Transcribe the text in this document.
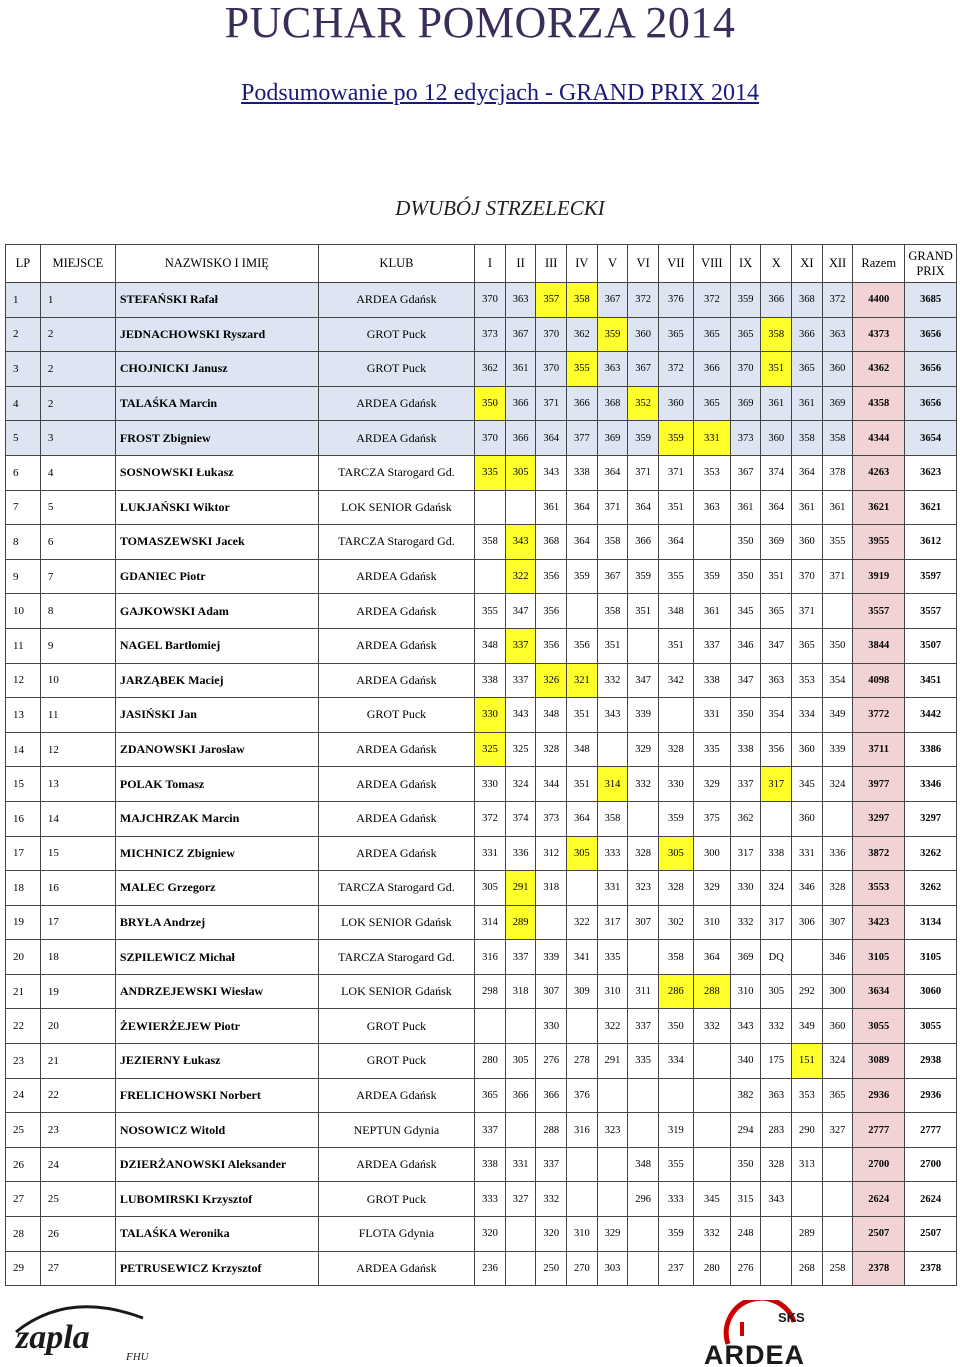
PUCHAR POMORZA 2014
Podsumowanie po 12 edycjach - GRAND PRIX 2014
DWUBÓJ STRZELECKI
LP	MIEJSCE	NAZWISKO I IMIĘ	KLUB	I	II	III	IV	V	VI	VII	VIII	IX	X	XI	XII	Razem	GRAND PRIX
1	1	STEFAŃSKI Rafał	ARDEA Gdańsk	370	363	357	358	367	372	376	372	359	366	368	372	4400	3685
2	2	JEDNACHOWSKI Ryszard	GROT Puck	373	367	370	362	359	360	365	365	365	358	366	363	4373	3656
3	2	CHOJNICKI Janusz	GROT Puck	362	361	370	355	363	367	372	366	370	351	365	360	4362	3656
4	2	TALAŚKA Marcin	ARDEA Gdańsk	350	366	371	366	368	352	360	365	369	361	361	369	4358	3656
5	3	FROST Zbigniew	ARDEA Gdańsk	370	366	364	377	369	359	359	331	373	360	358	358	4344	3654
6	4	SOSNOWSKI Łukasz	TARCZA Starogard Gd.	335	305	343	338	364	371	371	353	367	374	364	378	4263	3623
7	5	LUKJAŃSKI Wiktor	LOK SENIOR Gdańsk			361	364	371	364	351	363	361	364	361	361	3621	3621
8	6	TOMASZEWSKI Jacek	TARCZA Starogard Gd.	358	343	368	364	358	366	364		350	369	360	355	3955	3612
9	7	GDANIEC Piotr	ARDEA Gdańsk		322	356	359	367	359	355	359	350	351	370	371	3919	3597
10	8	GAJKOWSKI Adam	ARDEA Gdańsk	355	347	356		358	351	348	361	345	365	371		3557	3557
11	9	NAGEL Bartłomiej	ARDEA Gdańsk	348	337	356	356	351		351	337	346	347	365	350	3844	3507
12	10	JARZĄBEK Maciej	ARDEA Gdańsk	338	337	326	321	332	347	342	338	347	363	353	354	4098	3451
13	11	JASIŃSKI Jan	GROT Puck	330	343	348	351	343	339		331	350	354	334	349	3772	3442
14	12	ZDANOWSKI Jarosław	ARDEA Gdańsk	325	325	328	348		329	328	335	338	356	360	339	3711	3386
15	13	POLAK Tomasz	ARDEA Gdańsk	330	324	344	351	314	332	330	329	337	317	345	324	3977	3346
16	14	MAJCHRZAK Marcin	ARDEA Gdańsk	372	374	373	364	358		359	375	362		360		3297	3297
17	15	MICHNICZ Zbigniew	ARDEA Gdańsk	331	336	312	305	333	328	305	300	317	338	331	336	3872	3262
18	16	MALEC Grzegorz	TARCZA Starogard Gd.	305	291	318		331	323	328	329	330	324	346	328	3553	3262
19	17	BRYŁA Andrzej	LOK SENIOR Gdańsk	314	289		322	317	307	302	310	332	317	306	307	3423	3134
20	18	SZPILEWICZ Michał	TARCZA Starogard Gd.	316	337	339	341	335		358	364	369	DQ		346	3105	3105
21	19	ANDRZEJEWSKI Wiesław	LOK SENIOR Gdańsk	298	318	307	309	310	311	286	288	310	305	292	300	3634	3060
22	20	ŻEWIERŻEJEW Piotr	GROT Puck			330		322	337	350	332	343	332	349	360	3055	3055
23	21	JEZIERNY Łukasz	GROT Puck	280	305	276	278	291	335	334		340	175	151	324	3089	2938
24	22	FRELICHOWSKI Norbert	ARDEA Gdańsk	365	366	366	376					382	363	353	365	2936	2936
25	23	NOSOWICZ Witold	NEPTUN Gdynia	337		288	316	323		319		294	283	290	327	2777	2777
26	24	DZIERŻANOWSKI Aleksander	ARDEA Gdańsk	338	331	337			348	355		350	328	313		2700	2700
27	25	LUBOMIRSKI Krzysztof	GROT Puck	333	327	332			296	333	345	315	343			2624	2624
28	26	TALAŚKA Weronika	FLOTA Gdynia	320		320	310	329		359	332	248		289		2507	2507
29	27	PETRUSEWICZ Krzysztof	ARDEA Gdańsk	236		250	270	303		237	280	276		268	258	2378	2378
zapla
FHU
SKS
ARDEA
